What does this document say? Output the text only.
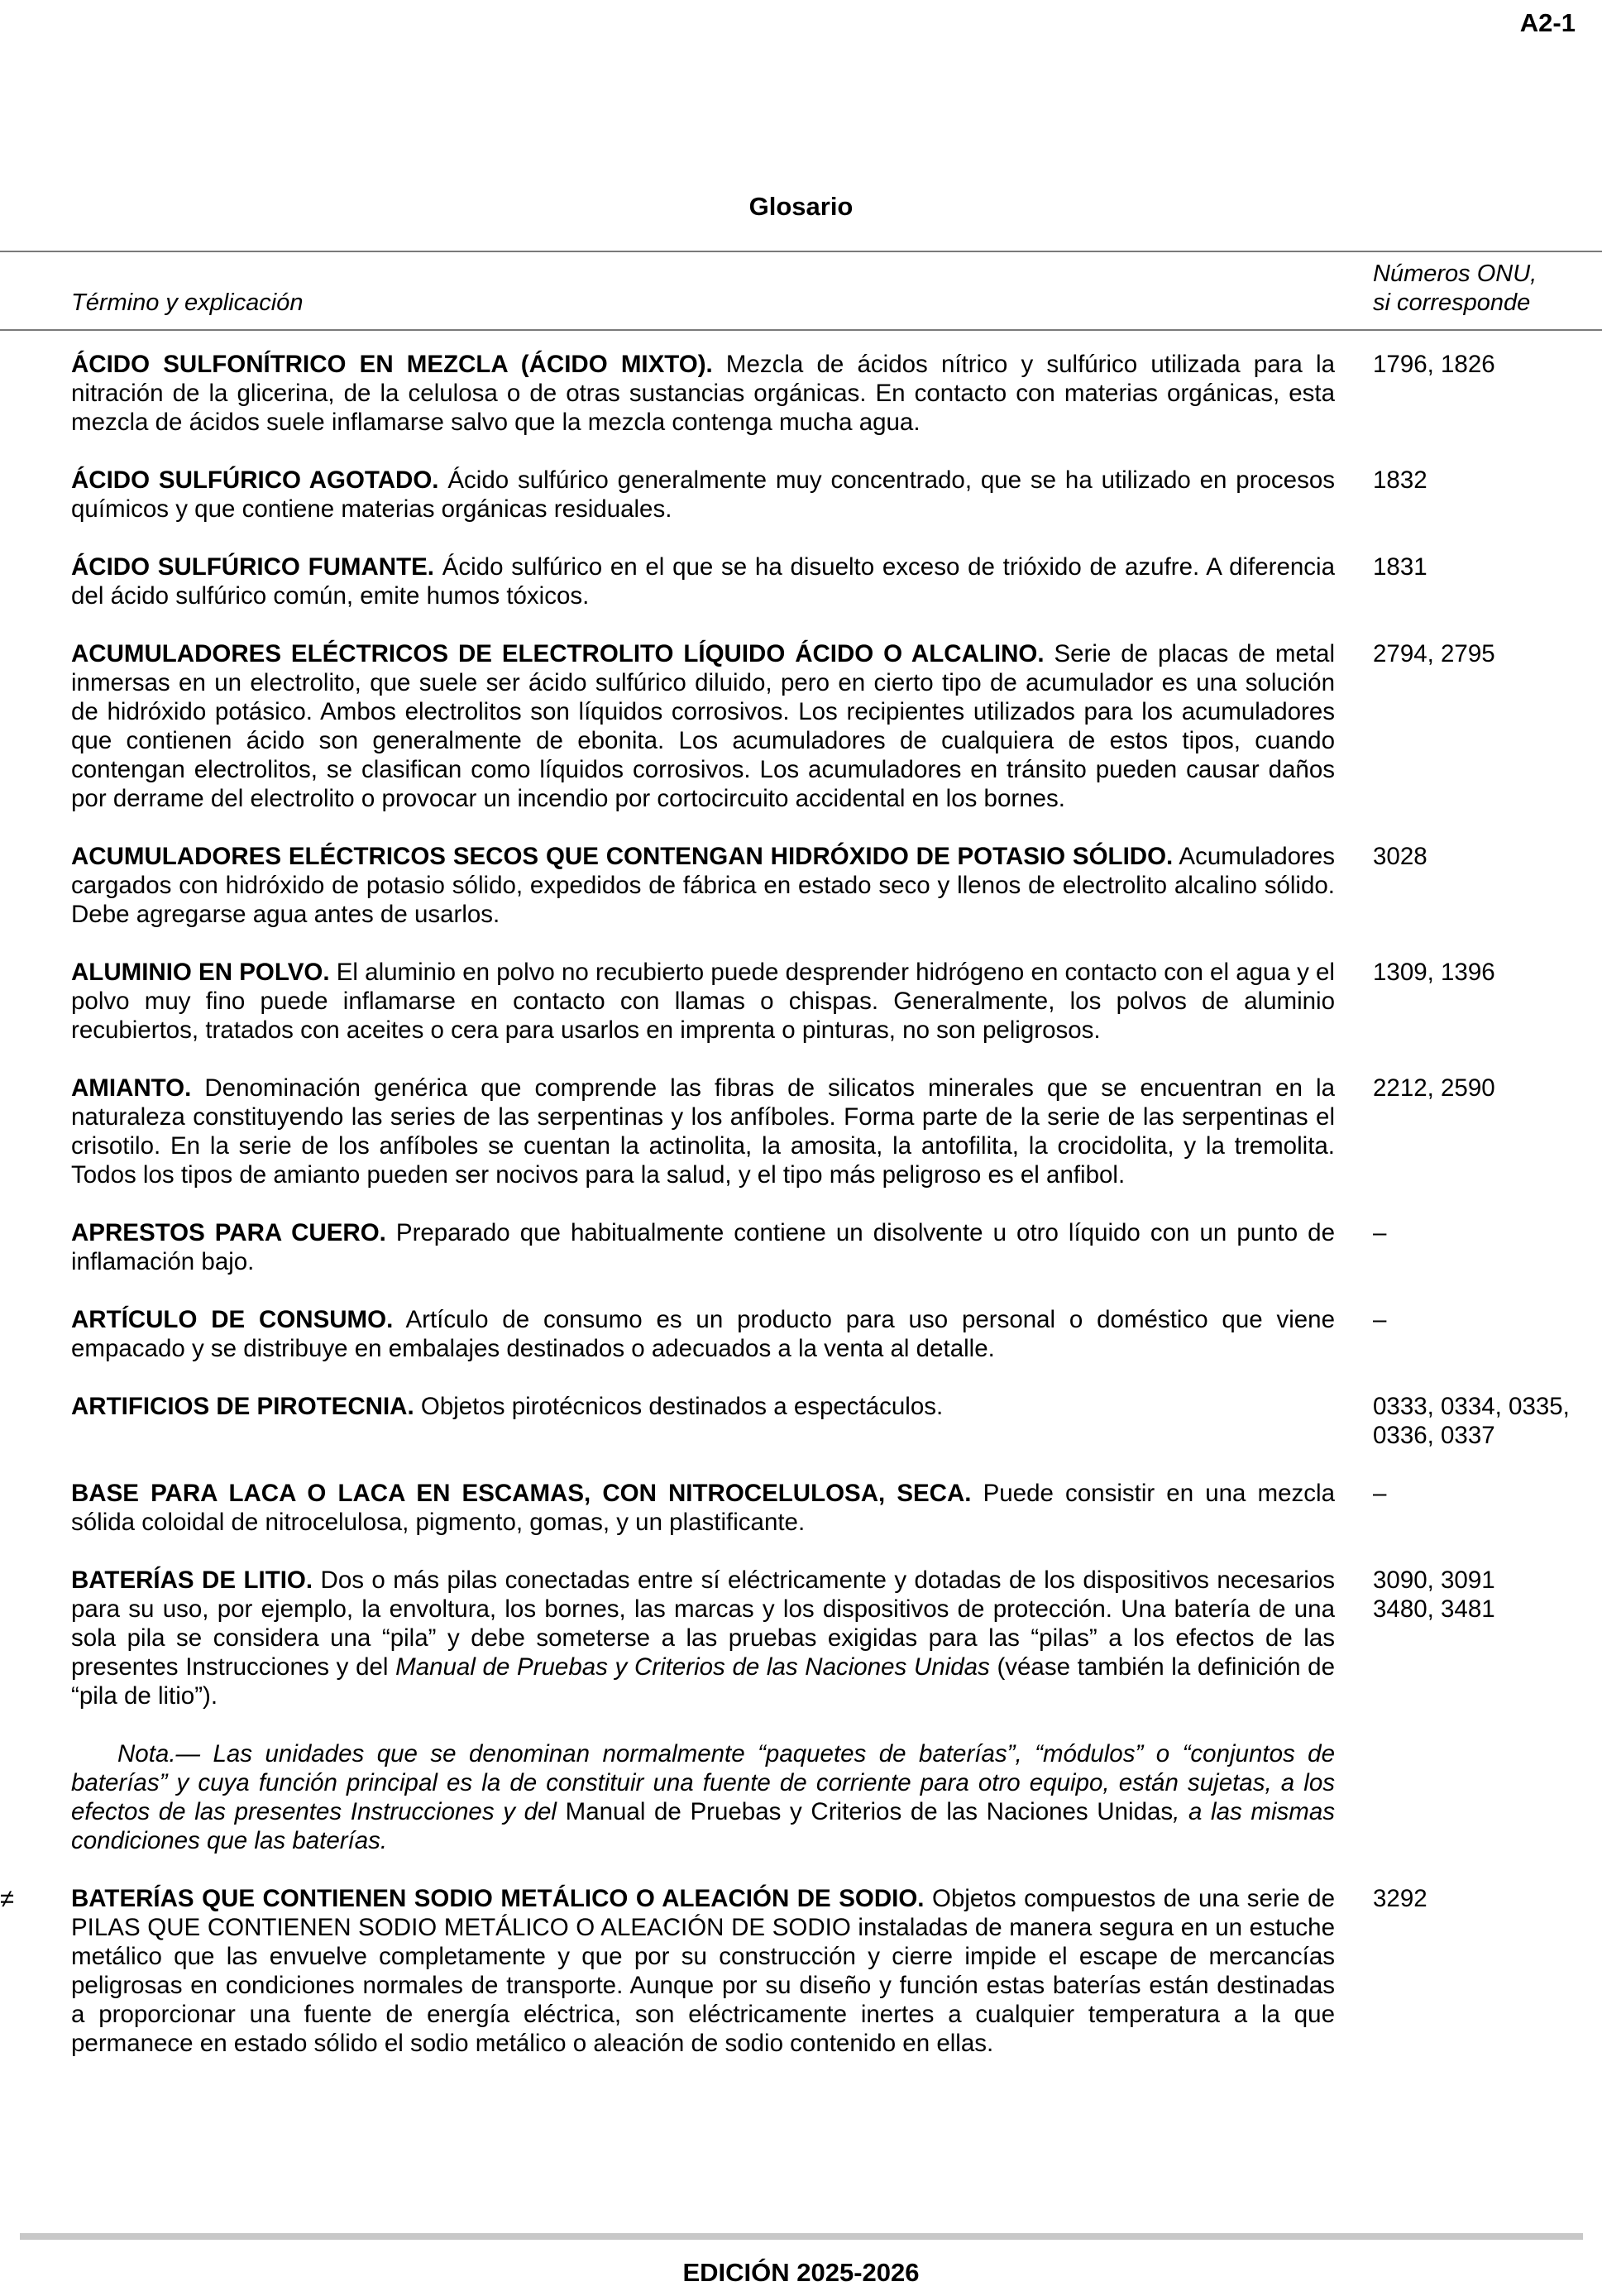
A2-1
Glosario
Término y explicación
Números ONU,
si corresponde
ÁCIDO SULFONÍTRICO EN MEZCLA (ÁCIDO MIXTO). Mezcla de ácidos nítrico y sulfúrico utilizada para la nitración de la glicerina, de la celulosa o de otras sustancias orgánicas. En contacto con materias orgánicas, esta mezcla de ácidos suele inflamarse salvo que la mezcla contenga mucha agua.
1796, 1826
ÁCIDO SULFÚRICO AGOTADO. Ácido sulfúrico generalmente muy concentrado, que se ha utilizado en procesos químicos y que contiene materias orgánicas residuales.
1832
ÁCIDO SULFÚRICO FUMANTE. Ácido sulfúrico en el que se ha disuelto exceso de trióxido de azufre. A diferencia del ácido sulfúrico común, emite humos tóxicos.
1831
ACUMULADORES ELÉCTRICOS DE ELECTROLITO LÍQUIDO ÁCIDO O ALCALINO. Serie de placas de metal inmersas en un electrolito, que suele ser ácido sulfúrico diluido, pero en cierto tipo de acumulador es una solución de hidróxido potásico. Ambos electrolitos son líquidos corrosivos. Los recipientes utilizados para los acumuladores que contienen ácido son generalmente de ebonita. Los acumuladores de cualquiera de estos tipos, cuando contengan electrolitos, se clasifican como líquidos corrosivos. Los acumuladores en tránsito pueden causar daños por derrame del electrolito o provocar un incendio por cortocircuito accidental en los bornes.
2794, 2795
ACUMULADORES ELÉCTRICOS SECOS QUE CONTENGAN HIDRÓXIDO DE POTASIO SÓLIDO. Acumuladores cargados con hidróxido de potasio sólido, expedidos de fábrica en estado seco y llenos de electrolito alcalino sólido. Debe agregarse agua antes de usarlos.
3028
ALUMINIO EN POLVO. El aluminio en polvo no recubierto puede desprender hidrógeno en contacto con el agua y el polvo muy fino puede inflamarse en contacto con llamas o chispas. Generalmente, los polvos de aluminio recubiertos, tratados con aceites o cera para usarlos en imprenta o pinturas, no son peligrosos.
1309, 1396
AMIANTO. Denominación genérica que comprende las fibras de silicatos minerales que se encuentran en la naturaleza constituyendo las series de las serpentinas y los anfíboles. Forma parte de la serie de las serpentinas el crisotilo. En la serie de los anfíboles se cuentan la actinolita, la amosita, la antofilita, la crocidolita, y la tremolita. Todos los tipos de amianto pueden ser nocivos para la salud, y el tipo más peligroso es el anfibol.
2212, 2590
APRESTOS PARA CUERO. Preparado que habitualmente contiene un disolvente u otro líquido con un punto de inflamación bajo.
–
ARTÍCULO DE CONSUMO. Artículo de consumo es un producto para uso personal o doméstico que viene empacado y se distribuye en embalajes destinados o adecuados a la venta al detalle.
–
ARTIFICIOS DE PIROTECNIA. Objetos pirotécnicos destinados a espectáculos.	0333, 0334, 0335,
0336, 0337
BASE PARA LACA O LACA EN ESCAMAS, CON NITROCELULOSA, SECA. Puede consistir en una mezcla sólida coloidal de nitrocelulosa, pigmento, gomas, y un plastificante.
–
BATERÍAS DE LITIO. Dos o más pilas conectadas entre sí eléctricamente y dotadas de los dispositivos necesarios para su uso, por ejemplo, la envoltura, los bornes, las marcas y los dispositivos de protección. Una batería de una sola pila se considera una “pila” y debe someterse a las pruebas exigidas para las “pilas” a los efectos de las presentes Instrucciones y del Manual de Pruebas y Criterios de las Naciones Unidas (véase también la definición de “pila de litio”).
3090, 3091
3480, 3481
Nota.— Las unidades que se denominan normalmente “paquetes de baterías”, “módulos” o “conjuntos de baterías” y cuya función principal es la de constituir una fuente de corriente para otro equipo, están sujetas, a los efectos de las presentes Instrucciones y del Manual de Pruebas y Criterios de las Naciones Unidas, a las mismas condiciones que las baterías.
≠ BATERÍAS QUE CONTIENEN SODIO METÁLICO O ALEACIÓN DE SODIO. Objetos compuestos de una serie de PILAS QUE CONTIENEN SODIO METÁLICO O ALEACIÓN DE SODIO instaladas de manera segura en un estuche metálico que las envuelve completamente y que por su construcción y cierre impide el escape de mercancías peligrosas en condiciones normales de transporte. Aunque por su diseño y función estas baterías están destinadas a proporcionar una fuente de energía eléctrica, son eléctricamente inertes a cualquier temperatura a la que permanece en estado sólido el sodio metálico o aleación de sodio contenido en ellas.
3292
EDICIÓN 2025-2026
